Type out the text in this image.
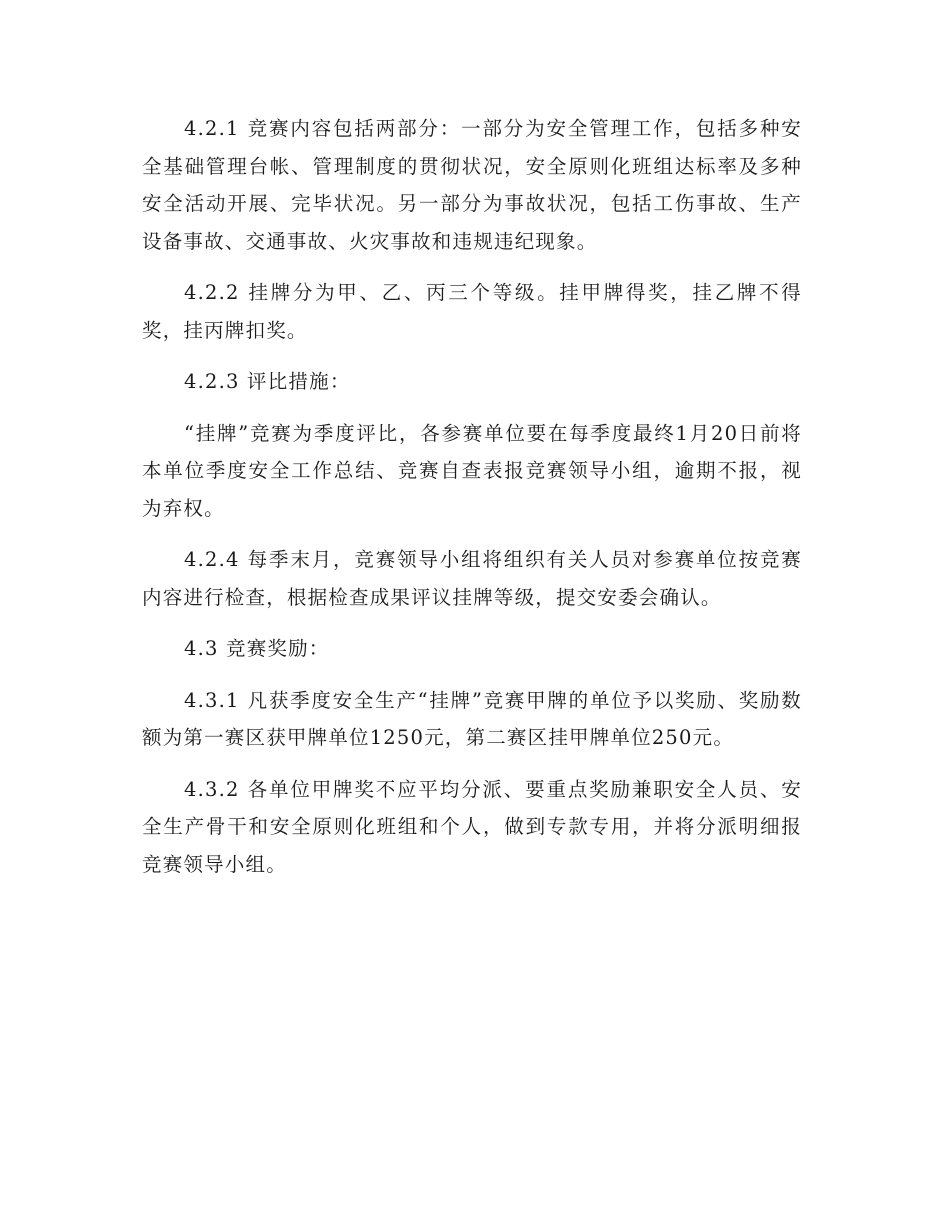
4.2.1 竞赛内容包括两部分：一部分为安全管理工作，包括多种安全基础管理台帐、管理制度的贯彻状况，安全原则化班组达标率及多种安全活动开展、完毕状况。另一部分为事故状况，包括工伤事故、生产设备事故、交通事故、火灾事故和违规违纪现象。

4.2.2 挂牌分为甲、乙、丙三个等级。挂甲牌得奖，挂乙牌不得奖，挂丙牌扣奖。

4.2.3 评比措施：

“挂牌”竞赛为季度评比，各参赛单位要在每季度最终1月20日前将本单位季度安全工作总结、竞赛自查表报竞赛领导小组，逾期不报，视为弃权。

4.2.4 每季末月，竞赛领导小组将组织有关人员对参赛单位按竞赛内容进行检查，根据检查成果评议挂牌等级，提交安委会确认。

4.3 竞赛奖励：

4.3.1 凡获季度安全生产“挂牌”竞赛甲牌的单位予以奖励、奖励数额为第一赛区获甲牌单位1250元，第二赛区挂甲牌单位250元。

4.3.2 各单位甲牌奖不应平均分派、要重点奖励兼职安全人员、安全生产骨干和安全原则化班组和个人，做到专款专用，并将分派明细报竞赛领导小组。
